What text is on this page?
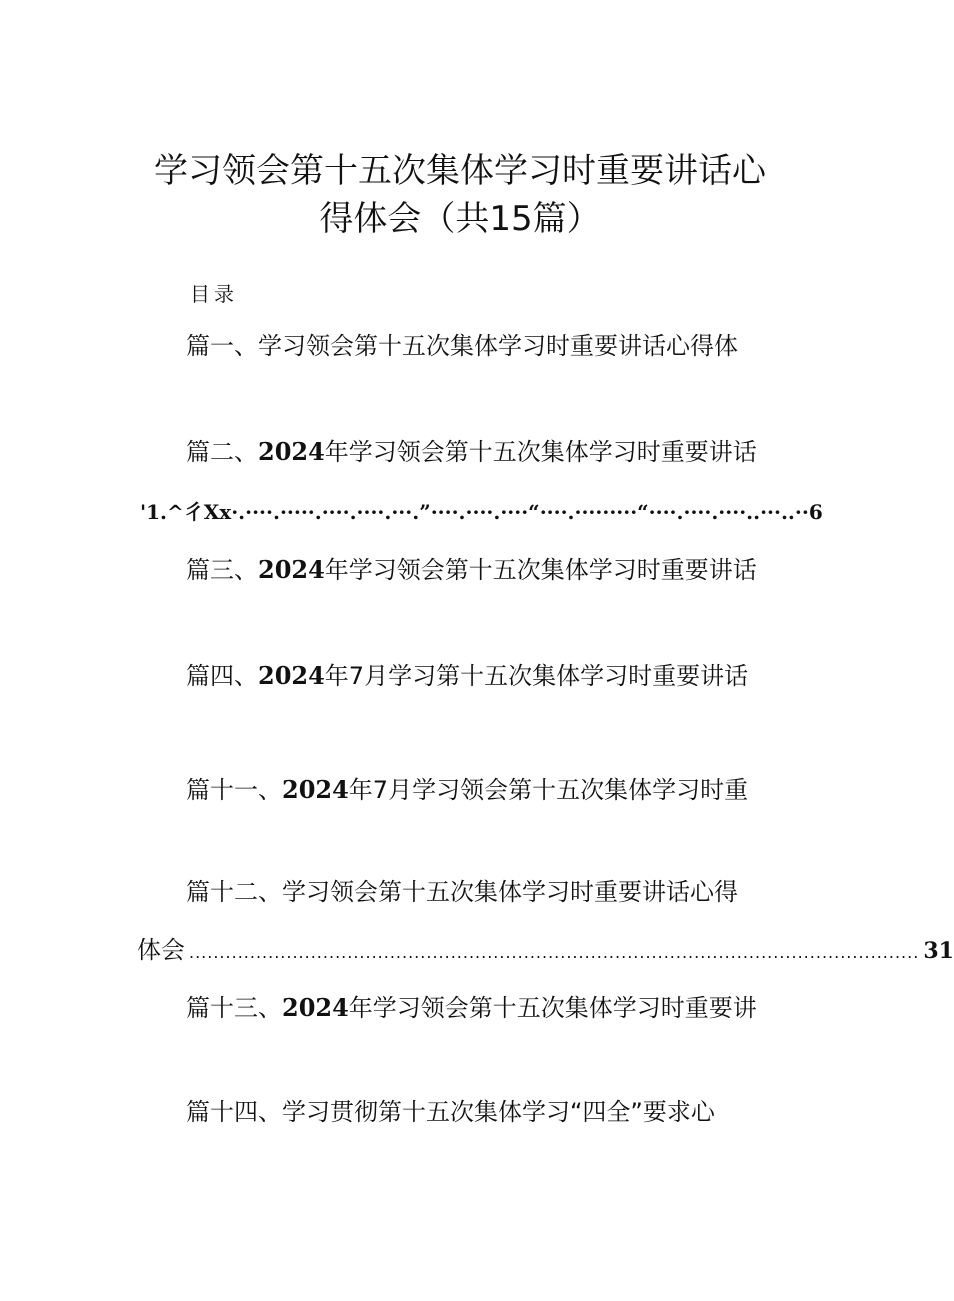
学习领会第十五次集体学习时重要讲话心
得体会（共15篇）
目录
篇一、学习领会第十五次集体学习时重要讲话心得体
篇二、2024年学习领会第十五次集体学习时重要讲话
'1.^彳Xx·.····.·····.····.····.···.”····.····.····“····.·········“····.····.····..···..··6
篇三、2024年学习领会第十五次集体学习时重要讲话
篇四、2024年7月学习第十五次集体学习时重要讲话
篇十一、2024年7月学习领会第十五次集体学习时重
篇十二、学习领会第十五次集体学习时重要讲话心得
体会 ........................................................................................................................ 31
篇十三、2024年学习领会第十五次集体学习时重要讲
篇十四、学习贯彻第十五次集体学习“四全”要求心
